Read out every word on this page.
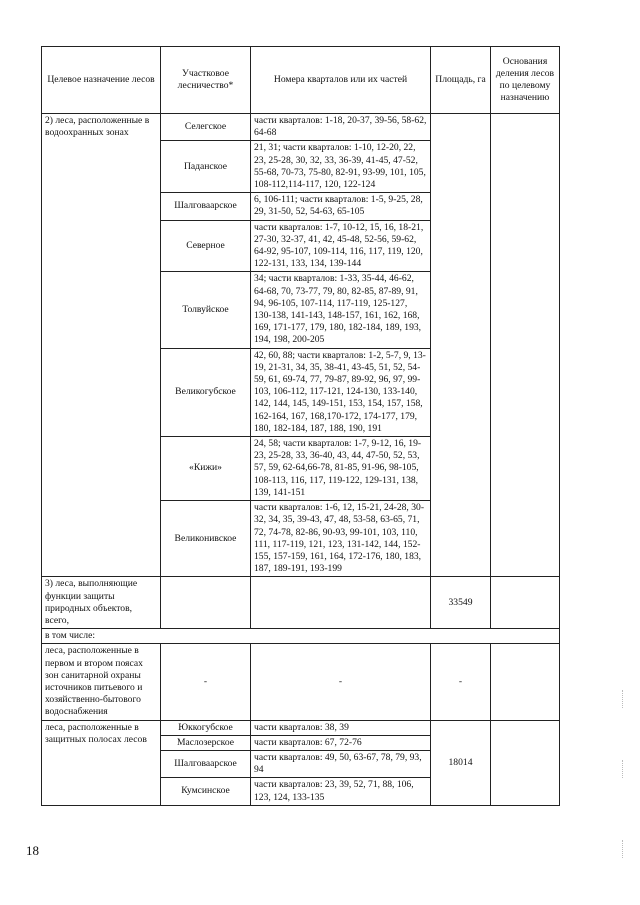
Целевое назначение лесов	Участковое лесничество*	Номера кварталов или их частей	Площадь, га	Основания деления лесов по целевому назначению
2) леса, расположенные в водоохранных зонах	Селегское	части кварталов: 1-18, 20-37, 39-56, 58-62, 64-68		
	Паданское	21, 31; части кварталов: 1-10, 12-20, 22, 23, 25-28, 30, 32, 33, 36-39, 41-45, 47-52, 55-68, 70-73, 75-80, 82-91, 93-99, 101, 105, 108-112,114-117, 120, 122-124		
	Шалговаарское	6, 106-111; части кварталов: 1-5, 9-25, 28, 29, 31-50, 52, 54-63, 65-105		
	Северное	части кварталов: 1-7, 10-12, 15, 16, 18-21, 27-30, 32-37, 41, 42, 45-48, 52-56, 59-62, 64-92, 95-107, 109-114, 116, 117, 119, 120, 122-131, 133, 134, 139-144		
	Толвуйское	34; части кварталов: 1-33, 35-44, 46-62, 64-68, 70, 73-77, 79, 80, 82-85, 87-89, 91, 94, 96-105, 107-114, 117-119, 125-127, 130-138, 141-143, 148-157, 161, 162, 168, 169, 171-177, 179, 180, 182-184, 189, 193, 194, 198, 200-205		
	Великогубское	42, 60, 88; части кварталов: 1-2, 5-7, 9, 13-19, 21-31, 34, 35, 38-41, 43-45, 51, 52, 54-59, 61, 69-74, 77, 79-87, 89-92, 96, 97, 99-103, 106-112, 117-121, 124-130, 133-140, 142, 144, 145, 149-151, 153, 154, 157, 158, 162-164, 167, 168,170-172, 174-177, 179, 180, 182-184, 187, 188, 190, 191		
	«Кижи»	24, 58; части кварталов: 1-7, 9-12, 16, 19-23, 25-28, 33, 36-40, 43, 44, 47-50, 52, 53, 57, 59, 62-64,66-78, 81-85, 91-96, 98-105, 108-113, 116, 117, 119-122, 129-131, 138, 139, 141-151		
	Великонивское	части кварталов: 1-6, 12, 15-21, 24-28, 30-32, 34, 35, 39-43, 47, 48, 53-58, 63-65, 71, 72, 74-78, 82-86, 90-93, 99-101, 103, 110, 111, 117-119, 121, 123, 131-142, 144, 152-155, 157-159, 161, 164, 172-176, 180, 183, 187, 189-191, 193-199		
3) леса, выполняющие функции защиты природных объектов, всего,			33549	
в том числе:				
леса, расположенные в первом и втором поясах зон санитарной охраны источников питьевого и хозяйственно-бытового водоснабжения	-	-	-	
леса, расположенные в защитных полосах лесов	Юккогубское	части кварталов: 38, 39	18014	
	Маслозерское	части кварталов: 67, 72-76		
	Шалговаарское	части кварталов: 49, 50, 63-67, 78, 79, 93, 94		
	Кумсинское	части кварталов: 23, 39, 52, 71, 88, 106, 123, 124, 133-135		
18
